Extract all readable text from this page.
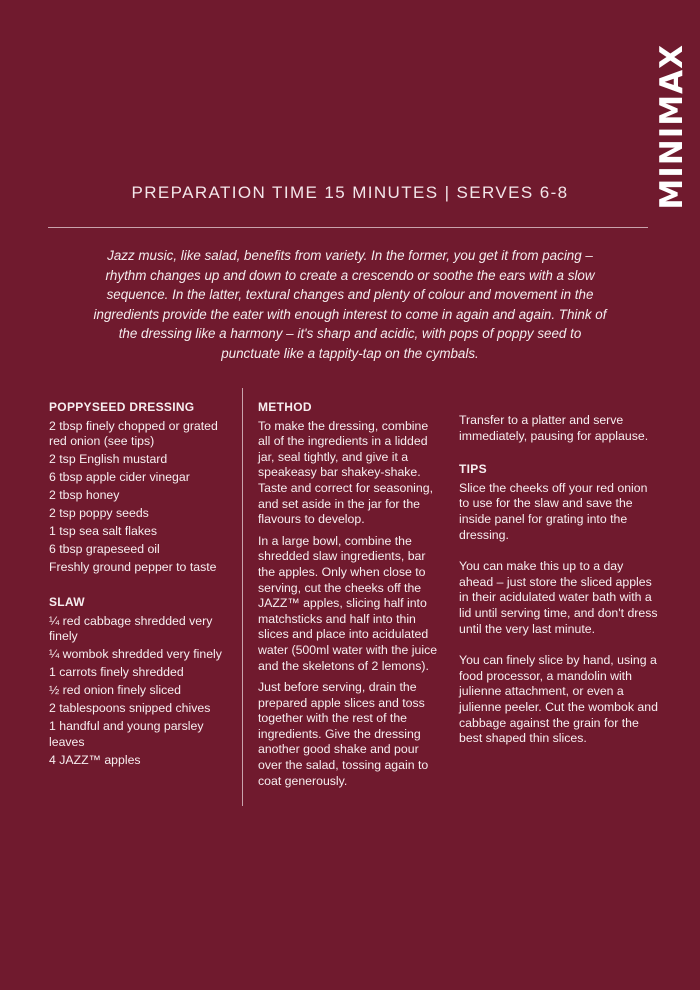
MINIMAX
PREPARATION TIME 15 MINUTES | SERVES 6-8
Jazz music, like salad, benefits from variety. In the former, you get it from pacing – rhythm changes up and down to create a crescendo or soothe the ears with a slow sequence. In the latter, textural changes and plenty of colour and movement in the ingredients provide the eater with enough interest to come in again and again. Think of the dressing like a harmony – it's sharp and acidic, with pops of poppy seed to punctuate like a tappity-tap on the cymbals.
POPPYSEED DRESSING
2 tbsp finely chopped or grated red onion (see tips)
2 tsp English mustard
6 tbsp apple cider vinegar
2 tbsp honey
2 tsp poppy seeds
1 tsp sea salt flakes
6 tbsp grapeseed oil
Freshly ground pepper to taste
SLAW
¼ red cabbage shredded very finely
¼ wombok shredded very finely
1 carrots finely shredded
½ red onion finely sliced
2 tablespoons snipped chives
1 handful and young parsley leaves
4 JAZZ™ apples
METHOD

To make the dressing, combine all of the ingredients in a lidded jar, seal tightly, and give it a speakeasy bar shakey-shake. Taste and correct for seasoning, and set aside in the jar for the flavours to develop.

In a large bowl, combine the shredded slaw ingredients, bar the apples. Only when close to serving, cut the cheeks off the JAZZ™ apples, slicing half into matchsticks and half into thin slices and place into acidulated water (500ml water with the juice and the skeletons of 2 lemons).

Just before serving, drain the prepared apple slices and toss together with the rest of the ingredients. Give the dressing another good shake and pour over the salad, tossing again to coat generously.

Transfer to a platter and serve immediately, pausing for applause.

TIPS

Slice the cheeks off your red onion to use for the slaw and save the inside panel for grating into the dressing.

You can make this up to a day ahead – just store the sliced apples in their acidulated water bath with a lid until serving time, and don't dress until the very last minute.

You can finely slice by hand, using a food processor, a mandolin with julienne attachment, or even a julienne peeler. Cut the wombok and cabbage against the grain for the best shaped thin slices.
